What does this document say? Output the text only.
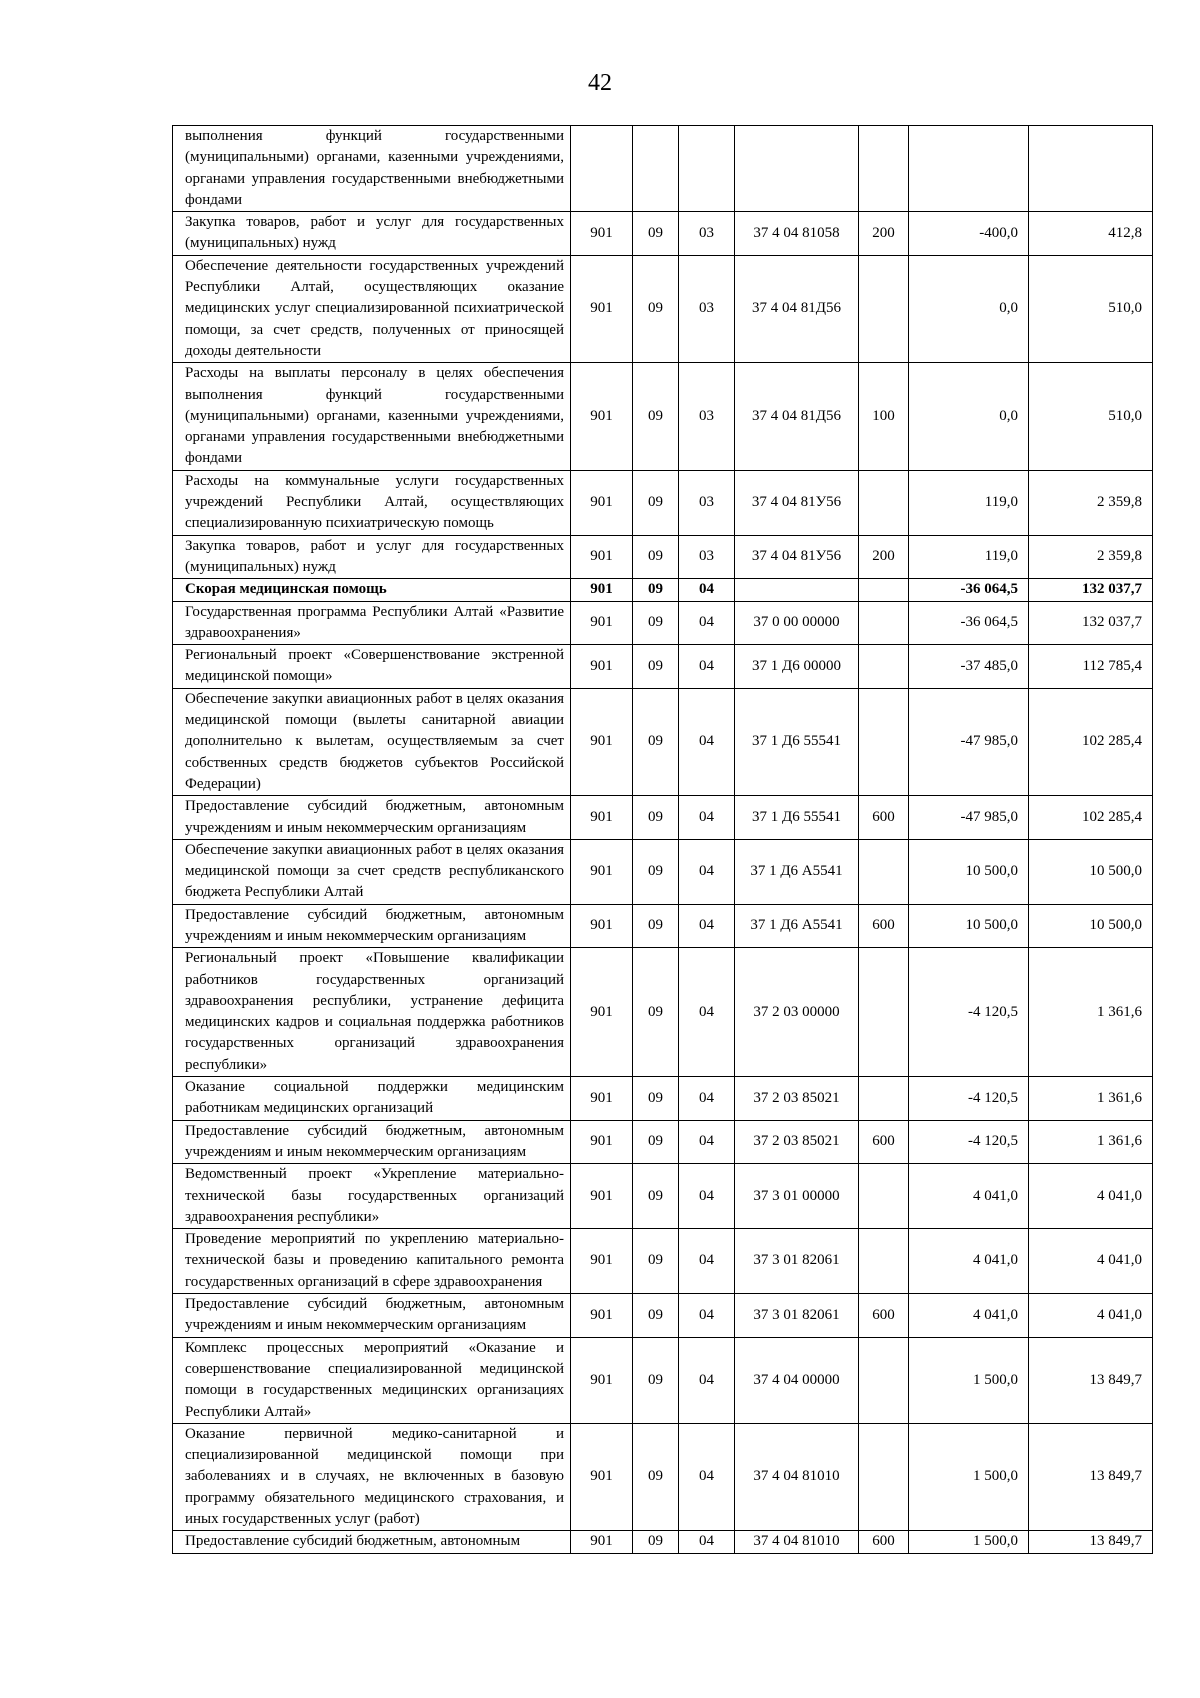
42
выполнения функций государственными (муниципальными) органами, казенными учреждениями, органами управления государственными внебюджетными фондами							
Закупка товаров, работ и услуг для государственных (муниципальных) нужд	901	09	03	37 4 04 81058	200	-400,0	412,8
Обеспечение деятельности государственных учреждений Республики Алтай, осуществляющих оказание медицинских услуг специализированной психиатрической помощи, за счет средств, полученных от приносящей доходы деятельности	901	09	03	37 4 04 81Д56		0,0	510,0
Расходы на выплаты персоналу в целях обеспечения выполнения функций государственными (муниципальными) органами, казенными учреждениями, органами управления государственными внебюджетными фондами	901	09	03	37 4 04 81Д56	100	0,0	510,0
Расходы на коммунальные услуги государственных учреждений Республики Алтай, осуществляющих специализированную психиатрическую помощь	901	09	03	37 4 04 81У56		119,0	2 359,8
Закупка товаров, работ и услуг для государственных (муниципальных) нужд	901	09	03	37 4 04 81У56	200	119,0	2 359,8
Скорая медицинская помощь	901	09	04			-36 064,5	132 037,7
Государственная программа Республики Алтай «Развитие здравоохранения»	901	09	04	37 0 00 00000		-36 064,5	132 037,7
Региональный проект «Совершенствование экстренной медицинской помощи»	901	09	04	37 1 Д6 00000		-37 485,0	112 785,4
Обеспечение закупки авиационных работ в целях оказания медицинской помощи (вылеты санитарной авиации дополнительно к вылетам, осуществляемым за счет собственных средств бюджетов субъектов Российской Федерации)	901	09	04	37 1 Д6 55541		-47 985,0	102 285,4
Предоставление субсидий бюджетным, автономным учреждениям и иным некоммерческим организациям	901	09	04	37 1 Д6 55541	600	-47 985,0	102 285,4
Обеспечение закупки авиационных работ в целях оказания медицинской помощи за счет средств республиканского бюджета Республики Алтай	901	09	04	37 1 Д6 А5541		10 500,0	10 500,0
Предоставление субсидий бюджетным, автономным учреждениям и иным некоммерческим организациям	901	09	04	37 1 Д6 А5541	600	10 500,0	10 500,0
Региональный проект «Повышение квалификации работников государственных организаций здравоохранения республики, устранение дефицита медицинских кадров и социальная поддержка работников государственных организаций здравоохранения республики»	901	09	04	37 2 03 00000		-4 120,5	1 361,6
Оказание социальной поддержки медицинским работникам медицинских организаций	901	09	04	37 2 03 85021		-4 120,5	1 361,6
Предоставление субсидий бюджетным, автономным учреждениям и иным некоммерческим организациям	901	09	04	37 2 03 85021	600	-4 120,5	1 361,6
Ведомственный проект «Укрепление материально-технической базы государственных организаций здравоохранения республики»	901	09	04	37 3 01 00000		4 041,0	4 041,0
Проведение мероприятий по укреплению материально-технической базы и проведению капитального ремонта государственных организаций в сфере здравоохранения	901	09	04	37 3 01 82061		4 041,0	4 041,0
Предоставление субсидий бюджетным, автономным учреждениям и иным некоммерческим организациям	901	09	04	37 3 01 82061	600	4 041,0	4 041,0
Комплекс процессных мероприятий «Оказание и совершенствование специализированной медицинской помощи в государственных медицинских организациях Республики Алтай»	901	09	04	37 4 04 00000		1 500,0	13 849,7
Оказание первичной медико-санитарной и специализированной медицинской помощи при заболеваниях и в случаях, не включенных в базовую программу обязательного медицинского страхования, и иных государственных услуг (работ)	901	09	04	37 4 04 81010		1 500,0	13 849,7
Предоставление субсидий бюджетным, автономным	901	09	04	37 4 04 81010	600	1 500,0	13 849,7
